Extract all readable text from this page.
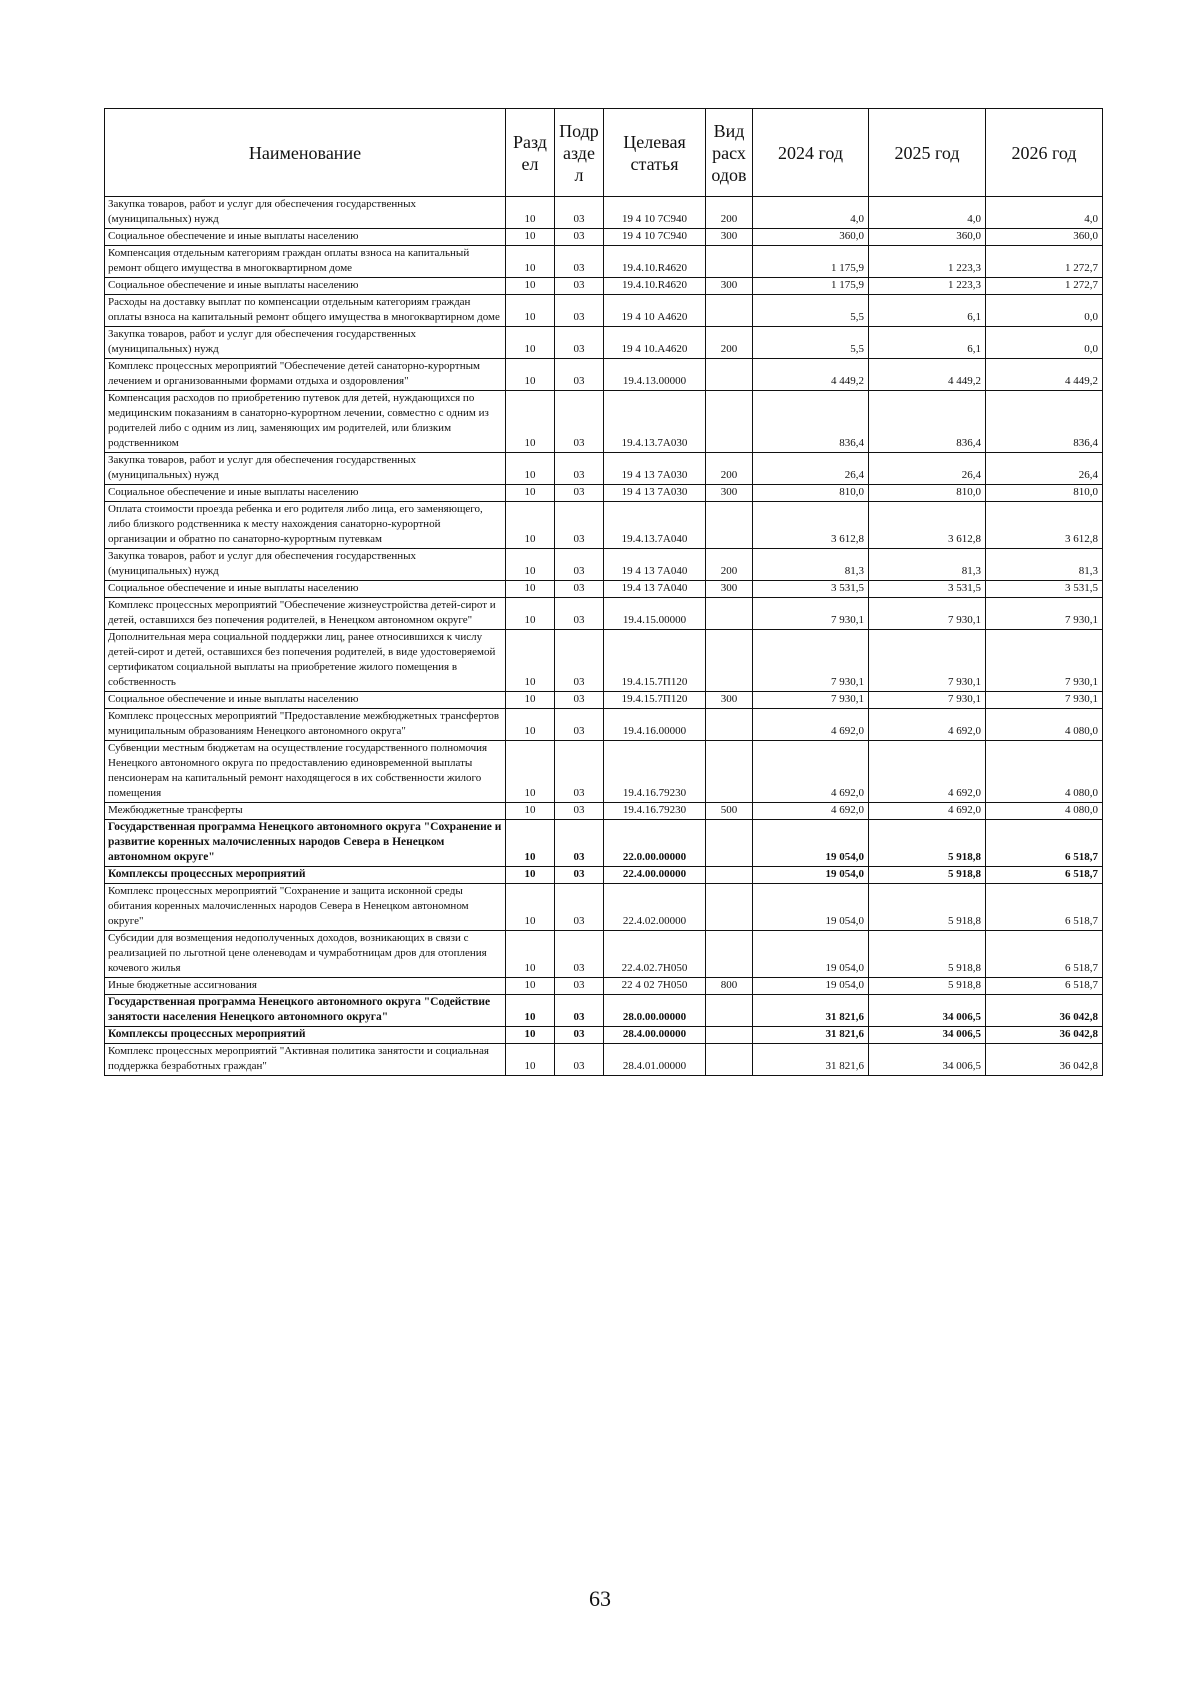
Наименование	Разд ел	Подр азде л	Целевая статья	Вид расх одов	2024 год	2025 год	2026 год
Закупка товаров, работ и услуг для обеспечения государственных (муниципальных) нужд	10	03	19 4 10 7С940	200	4,0	4,0	4,0
Социальное обеспечение и иные выплаты населению	10	03	19 4 10 7С940	300	360,0	360,0	360,0
Компенсация отдельным категориям граждан оплаты взноса на капитальный ремонт общего имущества в многоквартирном доме	10	03	19.4.10.R4620		1 175,9	1 223,3	1 272,7
Социальное обеспечение и иные выплаты населению	10	03	19.4.10.R4620	300	1 175,9	1 223,3	1 272,7
Расходы на доставку выплат по компенсации отдельным категориям граждан оплаты взноса на капитальный ремонт общего имущества в многоквартирном доме	10	03	19 4 10 А4620		5,5	6,1	0,0
Закупка товаров, работ и услуг для обеспечения государственных (муниципальных) нужд	10	03	19 4 10.А4620	200	5,5	6,1	0,0
Комплекс процессных мероприятий "Обеспечение детей санаторно-курортным лечением и организованными формами отдыха и оздоровления"	10	03	19.4.13.00000		4 449,2	4 449,2	4 449,2
Компенсация расходов по приобретению путевок для детей, нуждающихся по медицинским показаниям в санаторно-курортном лечении, совместно с одним из родителей либо с одним из лиц, заменяющих им родителей, или близким родственником	10	03	19.4.13.7А030		836,4	836,4	836,4
Закупка товаров, работ и услуг для обеспечения государственных (муниципальных) нужд	10	03	19 4 13 7А030	200	26,4	26,4	26,4
Социальное обеспечение и иные выплаты населению	10	03	19 4 13 7А030	300	810,0	810,0	810,0
Оплата стоимости проезда ребенка и его родителя либо лица, его заменяющего, либо близкого родственника к месту нахождения санаторно-курортной организации и обратно по санаторно-курортным путевкам	10	03	19.4.13.7А040		3 612,8	3 612,8	3 612,8
Закупка товаров, работ и услуг для обеспечения государственных (муниципальных) нужд	10	03	19 4 13 7А040	200	81,3	81,3	81,3
Социальное обеспечение и иные выплаты населению	10	03	19.4 13 7А040	300	3 531,5	3 531,5	3 531,5
Комплекс процессных мероприятий "Обеспечение жизнеустройства детей-сирот и детей, оставшихся без попечения родителей, в Ненецком автономном округе"	10	03	19.4.15.00000		7 930,1	7 930,1	7 930,1
Дополнительная мера социальной поддержки лиц, ранее относившихся к числу детей-сирот и детей, оставшихся без попечения родителей, в виде удостоверяемой сертификатом социальной выплаты на приобретение жилого помещения в собственность	10	03	19.4.15.7П120		7 930,1	7 930,1	7 930,1
Социальное обеспечение и иные выплаты населению	10	03	19.4.15.7П120	300	7 930,1	7 930,1	7 930,1
Комплекс процессных мероприятий "Предоставление межбюджетных трансфертов муниципальным образованиям Ненецкого автономного округа"	10	03	19.4.16.00000		4 692,0	4 692,0	4 080,0
Субвенции местным бюджетам на осуществление государственного полномочия Ненецкого автономного округа по предоставлению единовременной выплаты пенсионерам на капитальный ремонт находящегося в их собственности жилого помещения	10	03	19.4.16.79230		4 692,0	4 692,0	4 080,0
Межбюджетные трансферты	10	03	19.4.16.79230	500	4 692,0	4 692,0	4 080,0
Государственная программа Ненецкого автономного округа "Сохранение и развитие коренных малочисленных народов Севера в Ненецком автономном округе"	10	03	22.0.00.00000		19 054,0	5 918,8	6 518,7
Комплексы процессных мероприятий	10	03	22.4.00.00000		19 054,0	5 918,8	6 518,7
Комплекс процессных мероприятий "Сохранение и защита исконной среды обитания коренных малочисленных народов Севера в Ненецком автономном округе"	10	03	22.4.02.00000		19 054,0	5 918,8	6 518,7
Субсидии для возмещения недополученных доходов, возникающих в связи с реализацией по льготной цене оленеводам и чумработницам дров для отопления кочевого жилья	10	03	22.4.02.7Н050		19 054,0	5 918,8	6 518,7
Иные бюджетные ассигнования	10	03	22 4 02 7Н050	800	19 054,0	5 918,8	6 518,7
Государственная программа Ненецкого автономного округа "Содействие занятости населения Ненецкого автономного округа"	10	03	28.0.00.00000		31 821,6	34 006,5	36 042,8
Комплексы процессных мероприятий	10	03	28.4.00.00000		31 821,6	34 006,5	36 042,8
Комплекс процессных мероприятий "Активная политика занятости и социальная поддержка безработных граждан"	10	03	28.4.01.00000		31 821,6	34 006,5	36 042,8
63
